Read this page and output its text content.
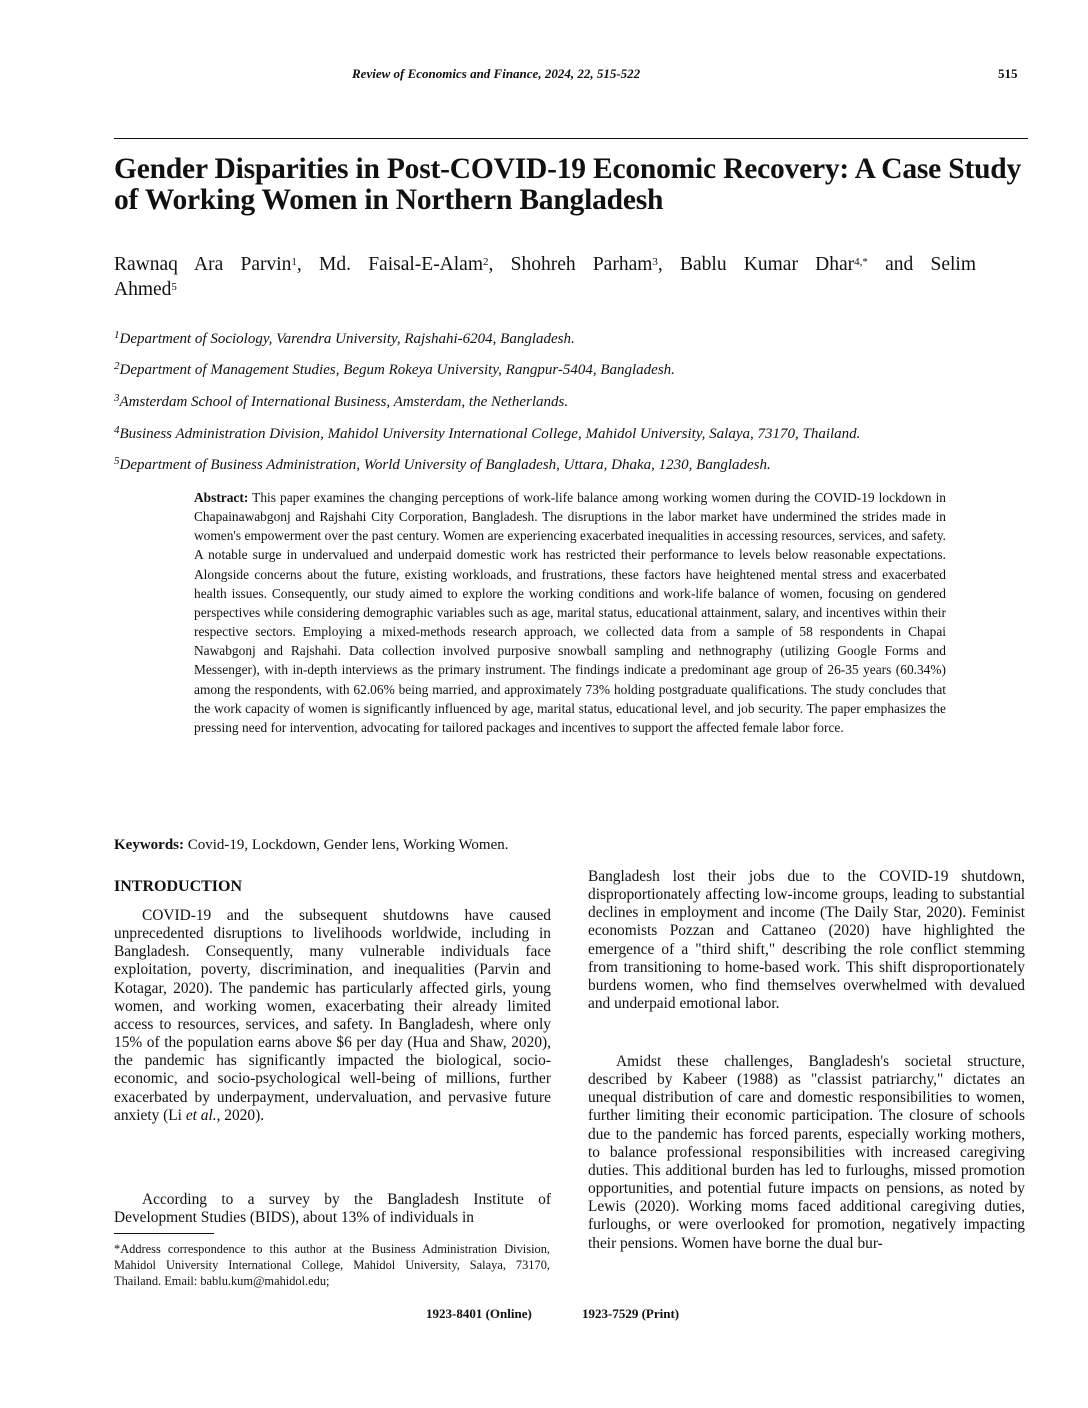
Review of Economics and Finance, 2024, 22, 515-522	515
Gender Disparities in Post-COVID-19 Economic Recovery: A Case Study of Working Women in Northern Bangladesh
Rawnaq Ara Parvin$^1$, Md. Faisal-E-Alam$^2$, Shohreh Parham$^3$, Bablu Kumar Dhar$^{4,*}$ and Selim
Ahmed$^5$
$^1$Department of Sociology, Varendra University, Rajshahi-6204, Bangladesh.
$^2$Department of Management Studies, Begum Rokeya University, Rangpur-5404, Bangladesh.
$^3$Amsterdam School of International Business, Amsterdam, the Netherlands.
$^4$Business Administration Division, Mahidol University International College, Mahidol University, Salaya, 73170, Thailand.
$^5$Department of Business Administration, World University of Bangladesh, Uttara, Dhaka, 1230, Bangladesh.
Abstract: This paper examines the changing perceptions of work-life balance among working women during the COVID-19 lockdown in Chapainawabgonj and Rajshahi City Corporation, Bangladesh. The disruptions in the labor market have undermined the strides made in women's empowerment over the past century. Women are experiencing exacerbated inequalities in accessing resources, services, and safety. A notable surge in undervalued and underpaid domestic work has restricted their performance to levels below reasonable expectations. Alongside concerns about the future, existing workloads, and frustrations, these factors have heightened mental stress and exacerbated health issues. Consequently, our study aimed to explore the working conditions and work-life balance of women, focusing on gendered perspectives while considering demographic variables such as age, marital status, educational attainment, salary, and incentives within their respective sectors. Employing a mixed-methods research approach, we collected data from a sample of 58 respondents in Chapai Nawabgonj and Rajshahi. Data collection involved purposive snowball sampling and nethnography (utilizing Google Forms and Messenger), with in-depth interviews as the primary instrument. The findings indicate a predominant age group of 26-35 years (60.34%) among the respondents, with 62.06% being married, and approximately 73% holding postgraduate qualifications. The study concludes that the work capacity of women is significantly influenced by age, marital status, educational level, and job security. The paper emphasizes the pressing need for intervention, advocating for tailored packages and incentives to support the affected female labor force.
Keywords: Covid-19, Lockdown, Gender lens, Working Women.
INTRODUCTION
COVID-19 and the subsequent shutdowns have caused unprecedented disruptions to livelihoods worldwide, including in Bangladesh. Consequently, many vulnerable individuals face exploitation, poverty, discrimination, and inequalities (Parvin and Kotagar, 2020). The pandemic has particularly affected girls, young women, and working women, exacerbating their already limited access to resources, services, and safety. In Bangladesh, where only 15% of the population earns above $6 per day (Hua and Shaw, 2020), the pandemic has significantly impacted the biological, socio-economic, and socio-psychological well-being of millions, further exacerbated by underpayment, undervaluation, and pervasive future anxiety (Li et al., 2020).
According to a survey by the Bangladesh Institute of Development Studies (BIDS), about 13% of individuals in
Bangladesh lost their jobs due to the COVID-19 shutdown, disproportionately affecting low-income groups, leading to substantial declines in employment and income (The Daily Star, 2020). Feminist economists Pozzan and Cattaneo (2020) have highlighted the emergence of a "third shift," describing the role conflict stemming from transitioning to home-based work. This shift disproportionately burdens women, who find themselves overwhelmed with devalued and underpaid emotional labor.
Amidst these challenges, Bangladesh's societal structure, described by Kabeer (1988) as "classist patriarchy," dictates an unequal distribution of care and domestic responsibilities to women, further limiting their economic participation. The closure of schools due to the pandemic has forced parents, especially working mothers, to balance professional responsibilities with increased caregiving duties. This additional burden has led to furloughs, missed promotion opportunities, and potential future impacts on pensions, as noted by Lewis (2020). Working moms faced additional caregiving duties, furloughs, or were overlooked for promotion, negatively impacting their pensions. Women have borne the dual bur-
*Address correspondence to this author at the Business Administration Division, Mahidol University International College, Mahidol University, Salaya, 73170, Thailand. Email: bablu.kum@mahidol.edu;
1923-8401 (Online)	1923-7529 (Print)
